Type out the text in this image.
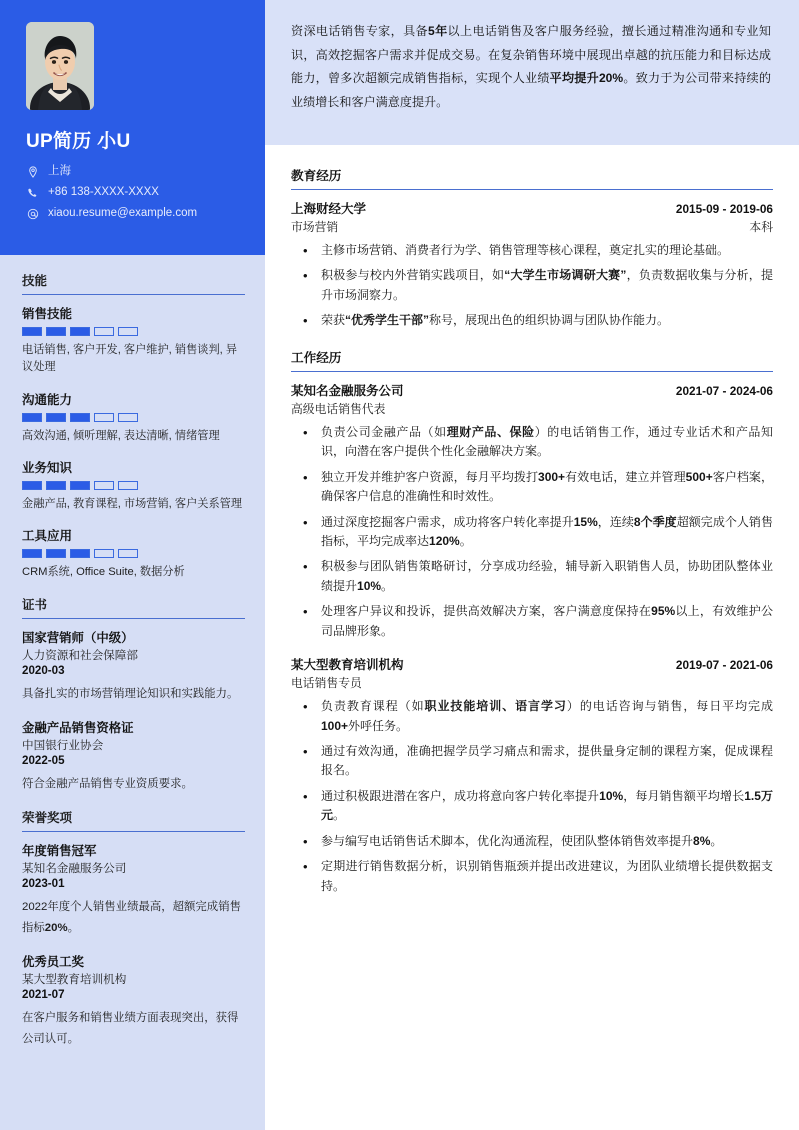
UP简历 小U
上海
+86 138-XXXX-XXXX
xiaou.resume@example.com
技能
销售技能
电话销售, 客户开发, 客户维护, 销售谈判, 异议处理
沟通能力
高效沟通, 倾听理解, 表达清晰, 情绪管理
业务知识
金融产品, 教育课程, 市场营销, 客户关系管理
工具应用
CRM系统, Office Suite, 数据分析
证书
国家营销师（中级）
人力资源和社会保障部
2020-03
具备扎实的市场营销理论知识和实践能力。
金融产品销售资格证
中国银行业协会
2022-05
符合金融产品销售专业资质要求。
荣誉奖项
年度销售冠军
某知名金融服务公司
2023-01
2022年度个人销售业绩最高，超额完成销售指标20%。
优秀员工奖
某大型教育培训机构
2021-07
在客户服务和销售业绩方面表现突出，获得公司认可。

资深电话销售专家，具备5年以上电话销售及客户服务经验，擅长通过精准沟通和专业知识，高效挖掘客户需求并促成交易。在复杂销售环境中展现出卓越的抗压能力和目标达成能力，曾多次超额完成销售指标，实现个人业绩平均提升20%。致力于为公司带来持续的业绩增长和客户满意度提升。

教育经历
上海财经大学	2015-09 - 2019-06
市场营销	本科
• 主修市场营销、消费者行为学、销售管理等核心课程，奠定扎实的理论基础。
• 积极参与校内外营销实践项目，如“大学生市场调研大赛”，负责数据收集与分析，提升市场洞察力。
• 荣获“优秀学生干部”称号，展现出色的组织协调与团队协作能力。
工作经历
某知名金融服务公司	2021-07 - 2024-06
高级电话销售代表
• 负责公司金融产品（如理财产品、保险）的电话销售工作，通过专业话术和产品知识，向潜在客户提供个性化金融解决方案。
• 独立开发并维护客户资源，每月平均拨打300+有效电话，建立并管理500+客户档案，确保客户信息的准确性和时效性。
• 通过深度挖掘客户需求，成功将客户转化率提升15%，连续8个季度超额完成个人销售指标，平均完成率达120%。
• 积极参与团队销售策略研讨，分享成功经验，辅导新入职销售人员，协助团队整体业绩提升10%。
• 处理客户异议和投诉，提供高效解决方案，客户满意度保持在95%以上，有效维护公司品牌形象。
某大型教育培训机构	2019-07 - 2021-06
电话销售专员
• 负责教育课程（如职业技能培训、语言学习）的电话咨询与销售，每日平均完成100+外呼任务。
• 通过有效沟通，准确把握学员学习痛点和需求，提供量身定制的课程方案，促成课程报名。
• 通过积极跟进潜在客户，成功将意向客户转化率提升10%，每月销售额平均增长1.5万元。
• 参与编写电话销售话术脚本，优化沟通流程，使团队整体销售效率提升8%。
• 定期进行销售数据分析，识别销售瓶颈并提出改进建议，为团队业绩增长提供数据支持。
